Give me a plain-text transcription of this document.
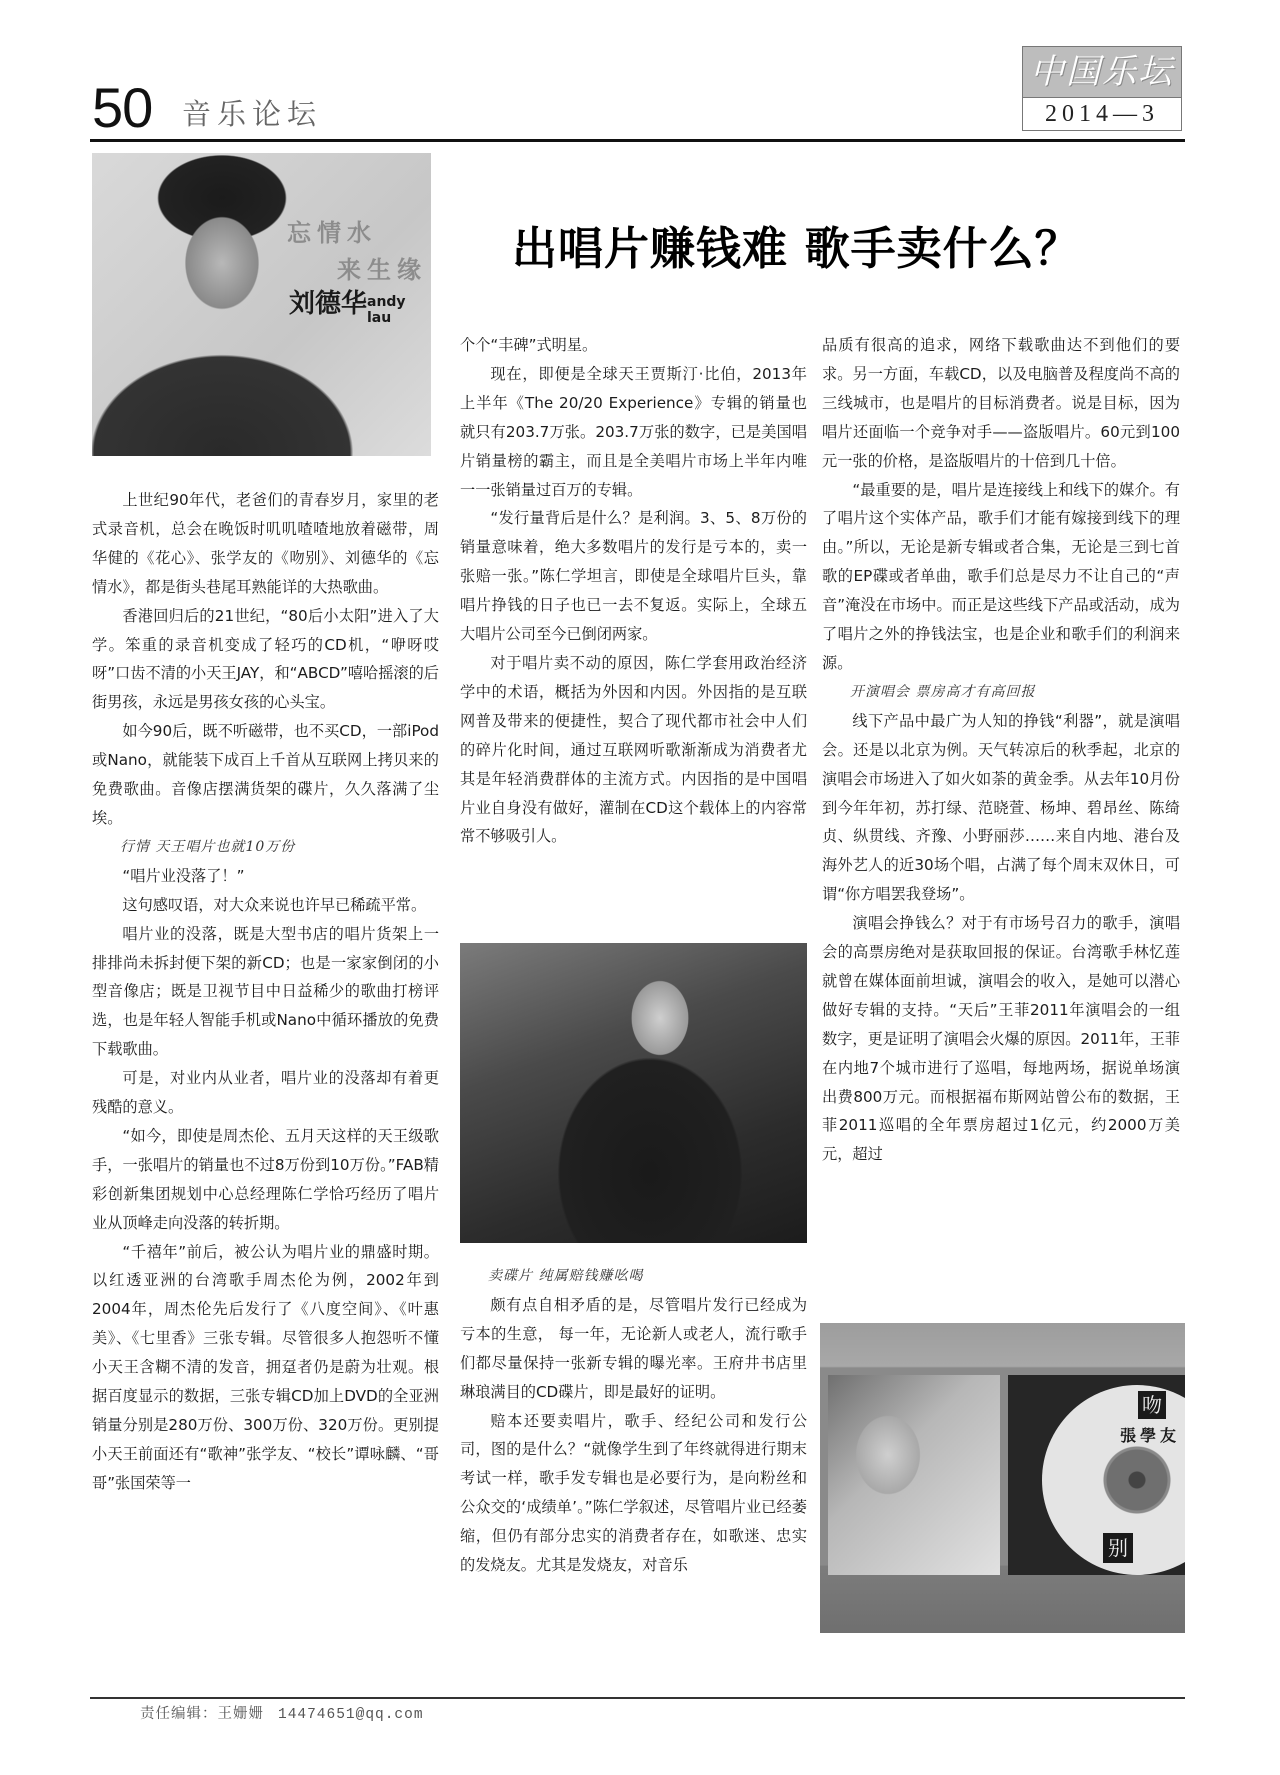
50 音乐论坛
中国乐坛
2014—3
出唱片赚钱难 歌手卖什么？
忘情水
来生缘
刘德华 andy lau
吻
張學友
别

上世纪90年代，老爸们的青春岁月，家里的老式录音机，总会在晚饭时叽叽喳喳地放着磁带，周华健的《花心》、张学友的《吻别》、刘德华的《忘情水》，都是街头巷尾耳熟能详的大热歌曲。

香港回归后的21世纪，“80后小太阳”进入了大学。笨重的录音机变成了轻巧的CD机，“咿呀哎呀”口齿不清的小天王JAY，和“ABCD”嘻哈摇滚的后街男孩，永远是男孩女孩的心头宝。

如今90后，既不听磁带，也不买CD，一部iPod或Nano，就能装下成百上千首从互联网上拷贝来的免费歌曲。音像店摆满货架的碟片，久久落满了尘埃。

行情 天王唱片也就10万份

“唱片业没落了！”

这句感叹语，对大众来说也许早已稀疏平常。

唱片业的没落，既是大型书店的唱片货架上一排排尚未拆封便下架的新CD；也是一家家倒闭的小型音像店；既是卫视节目中日益稀少的歌曲打榜评选，也是年轻人智能手机或Nano中循环播放的免费下载歌曲。

可是，对业内从业者，唱片业的没落却有着更残酷的意义。

“如今，即使是周杰伦、五月天这样的天王级歌手，一张唱片的销量也不过8万份到10万份。”FAB精彩创新集团规划中心总经理陈仁学恰巧经历了唱片业从顶峰走向没落的转折期。

“千禧年”前后，被公认为唱片业的鼎盛时期。以红透亚洲的台湾歌手周杰伦为例，2002年到2004年，周杰伦先后发行了《八度空间》、《叶惠美》、《七里香》三张专辑。尽管很多人抱怨听不懂小天王含糊不清的发音，拥趸者仍是蔚为壮观。根据百度显示的数据，三张专辑CD加上DVD的全亚洲销量分别是280万份、300万份、320万份。更别提小天王前面还有“歌神”张学友、“校长”谭咏麟、“哥哥”张国荣等一

个个“丰碑”式明星。

现在，即便是全球天王贾斯汀·比伯，2013年上半年《The 20/20 Experience》专辑的销量也就只有203.7万张。203.7万张的数字，已是美国唱片销量榜的霸主，而且是全美唱片市场上半年内唯一一张销量过百万的专辑。

“发行量背后是什么？是利润。3、5、8万份的销量意味着，绝大多数唱片的发行是亏本的，卖一张赔一张。”陈仁学坦言，即使是全球唱片巨头，靠唱片挣钱的日子也已一去不复返。实际上，全球五大唱片公司至今已倒闭两家。

对于唱片卖不动的原因，陈仁学套用政治经济学中的术语，概括为外因和内因。外因指的是互联网普及带来的便捷性，契合了现代都市社会中人们的碎片化时间，通过互联网听歌渐渐成为消费者尤其是年轻消费群体的主流方式。内因指的是中国唱片业自身没有做好，灌制在CD这个载体上的内容常常不够吸引人。

卖碟片 纯属赔钱赚吆喝

颇有点自相矛盾的是，尽管唱片发行已经成为亏本的生意， 每一年，无论新人或老人，流行歌手们都尽量保持一张新专辑的曝光率。王府井书店里琳琅满目的CD碟片，即是最好的证明。

赔本还要卖唱片，歌手、经纪公司和发行公司，图的是什么？“就像学生到了年终就得进行期末考试一样，歌手发专辑也是必要行为，是向粉丝和公众交的‘成绩单’。”陈仁学叙述，尽管唱片业已经萎缩，但仍有部分忠实的消费者存在，如歌迷、忠实的发烧友。尤其是发烧友，对音乐

品质有很高的追求，网络下载歌曲达不到他们的要求。另一方面，车载CD，以及电脑普及程度尚不高的三线城市，也是唱片的目标消费者。说是目标，因为唱片还面临一个竞争对手——盗版唱片。60元到100元一张的价格，是盗版唱片的十倍到几十倍。

“最重要的是，唱片是连接线上和线下的媒介。有了唱片这个实体产品，歌手们才能有嫁接到线下的理由。”所以，无论是新专辑或者合集，无论是三到七首歌的EP碟或者单曲，歌手们总是尽力不让自己的“声音”淹没在市场中。而正是这些线下产品或活动，成为了唱片之外的挣钱法宝，也是企业和歌手们的利润来源。

开演唱会 票房高才有高回报

线下产品中最广为人知的挣钱“利器”，就是演唱会。还是以北京为例。天气转凉后的秋季起，北京的演唱会市场进入了如火如荼的黄金季。从去年10月份到今年年初，苏打绿、范晓萱、杨坤、碧昂丝、陈绮贞、纵贯线、齐豫、小野丽莎……来自内地、港台及海外艺人的近30场个唱，占满了每个周末双休日，可谓“你方唱罢我登场”。

演唱会挣钱么？对于有市场号召力的歌手，演唱会的高票房绝对是获取回报的保证。台湾歌手林忆莲就曾在媒体面前坦诚，演唱会的收入，是她可以潜心做好专辑的支持。“天后”王菲2011年演唱会的一组数字，更是证明了演唱会火爆的原因。2011年，王菲在内地7个城市进行了巡唱，每地两场，据说单场演出费800万元。而根据福布斯网站曾公布的数据，王菲2011巡唱的全年票房超过1亿元，约2000万美元，超过

责任编辑：王姗姗 14474651@qq.com
